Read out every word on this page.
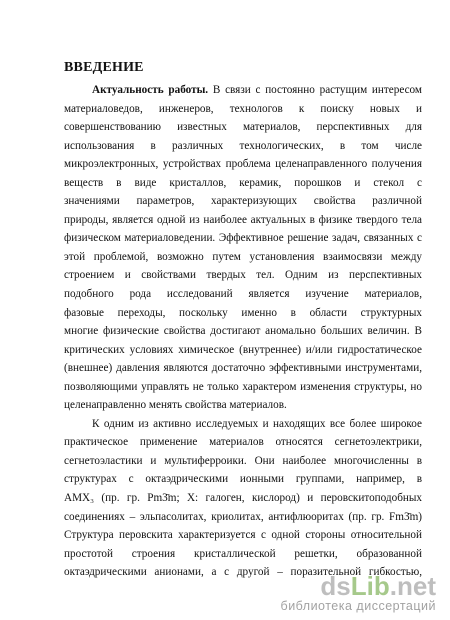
ВВЕДЕНИЕ
Актуальность работы. В связи с постоянно растущим интересом
материаловедов, инженеров, технологов к поиску новых и
совершенствованию известных материалов, перспективных для
использования в различных технологических, в том числе
микроэлектронных, устройствах проблема целенаправленного получения
веществ в виде кристаллов, керамик, порошков и стекол с
значениями параметров, характеризующих свойства различной
природы, является одной из наиболее актуальных в физике твердого тела
физическом материаловедении. Эффективное решение задач, связанных с
этой проблемой, возможно путем установления взаимосвязи между
строением и свойствами твердых тел. Одним из перспективных
подобного рода исследований является изучение материалов,
фазовые переходы, поскольку именно в области структурных
многие физические свойства достигают аномально больших величин. В
критических условиях химическое (внутреннее) и/или гидростатическое
(внешнее) давления являются достаточно эффективными инструментами,
позволяющими управлять не только характером изменения структуры, но
целенаправленно менять свойства материалов.
К одним из активно исследуемых и находящих все более широкое
практическое применение материалов относятся сегнетоэлектрики,
сегнетоэластики и мультиферроики. Они наиболее многочисленны в
структурах с октаэдрическими ионными группами, например, в
AMX₃ (пр. гр. Pm3̄m; X: галоген, кислород) и перовскитоподобных
соединениях – эльпасолитах, криолитах, антифлюоритах (пр. гр. Fm3̄m)
Структура перовскита характеризуется с одной стороны относительной
простотой строения кристаллической решетки, образованной
октаэдрическими анионами, а с другой – поразительной гибкостью,
dsLib.net
библиотека диссертаций
